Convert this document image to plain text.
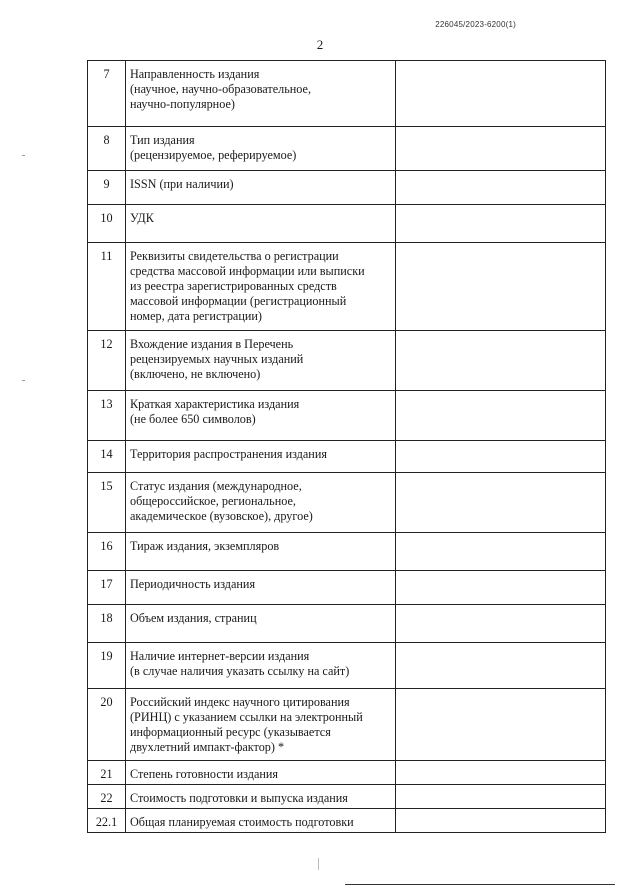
226045/2023-6200(1)
2
7	Направленность издания
(научное, научно-образовательное,
научно-популярное)	

8	Тип издания
(рецензируемое, реферируемое)	

9	ISSN (при наличии)	

10	УДК	

11	Реквизиты свидетельства о регистрации
средства массовой информации или выписки
из реестра зарегистрированных средств
массовой информации (регистрационный
номер, дата регистрации)	

12	Вхождение издания в Перечень
рецензируемых научных изданий
(включено, не включено)	

13	Краткая характеристика издания
(не более 650 символов)	

14	Территория распространения издания	

15	Статус издания (международное,
общероссийское, региональное,
академическое (вузовское), другое)	

16	Тираж издания, экземпляров	

17	Периодичность издания	

18	Объем издания, страниц	

19	Наличие интернет-версии издания
(в случае наличия указать ссылку на сайт)	

20	Российский индекс научного цитирования
(РИНЦ) с указанием ссылки на электронный
информационный ресурс (указывается
двухлетний импакт-фактор) *	

21	Степень готовности издания	

22	Стоимость подготовки и выпуска издания	

22.1	Общая планируемая стоимость подготовки	
